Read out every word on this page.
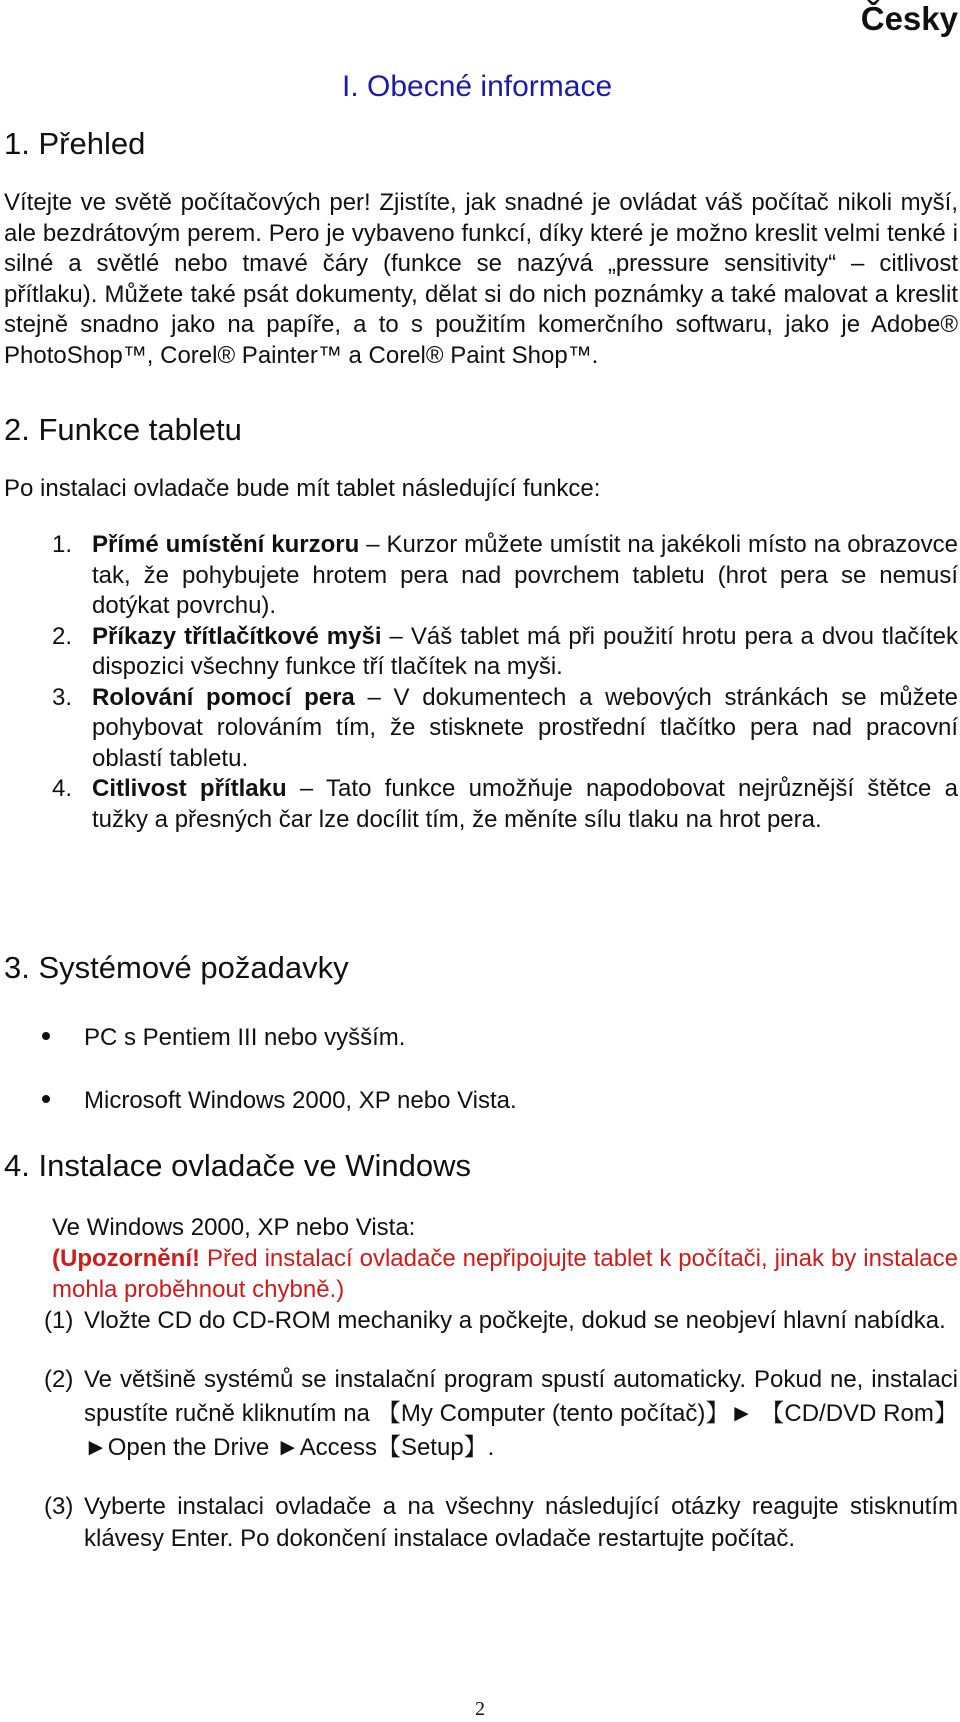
Česky
I. Obecné informace
1. Přehled
Vítejte ve světě počítačových per! Zjistíte, jak snadné je ovládat váš počítač nikoli myší, ale bezdrátovým perem. Pero je vybaveno funkcí, díky které je možno kreslit velmi tenké i silné a světlé nebo tmavé čáry (funkce se nazývá „pressure sensitivity“ – citlivost přítlaku). Můžete také psát dokumenty, dělat si do nich poznámky a také malovat a kreslit stejně snadno jako na papíře, a to s použitím komerčního softwaru, jako je Adobe® PhotoShop™, Corel® Painter™ a Corel® Paint Shop™.
2. Funkce tabletu
Po instalaci ovladače bude mít tablet následující funkce:
1. Přímé umístění kurzoru – Kurzor můžete umístit na jakékoli místo na obrazovce tak, že pohybujete hrotem pera nad povrchem tabletu (hrot pera se nemusí dotýkat povrchu).
2. Příkazy třítlačítkové myši – Váš tablet má při použití hrotu pera a dvou tlačítek dispozici všechny funkce tří tlačítek na myši.
3. Rolování pomocí pera – V dokumentech a webových stránkách se můžete pohybovat rolováním tím, že stisknete prostřední tlačítko pera nad pracovní oblastí tabletu.
4. Citlivost přítlaku – Tato funkce umožňuje napodobovat nejrůznější štětce a tužky a přesných čar lze docílit tím, že měníte sílu tlaku na hrot pera.
3. Systémové požadavky
PC s Pentiem III nebo vyšším.
Microsoft Windows 2000, XP nebo Vista.
4. Instalace ovladače ve Windows
Ve Windows 2000, XP nebo Vista:
(Upozornění! Před instalací ovladače nepřipojujte tablet k počítači, jinak by instalace mohla proběhnout chybně.)
(1) Vložte CD do CD-ROM mechaniky a počkejte, dokud se neobjeví hlavní nabídka.
(2) Ve většině systémů se instalační program spustí automaticky. Pokud ne, instalaci spustíte ručně kliknutím na 【My Computer (tento počítač)】► 【CD/DVD Rom】►Open the Drive ►Access【Setup】.
(3) Vyberte instalaci ovladače a na všechny následující otázky reagujte stisknutím klávesy Enter. Po dokončení instalace ovladače restartujte počítač.
2
